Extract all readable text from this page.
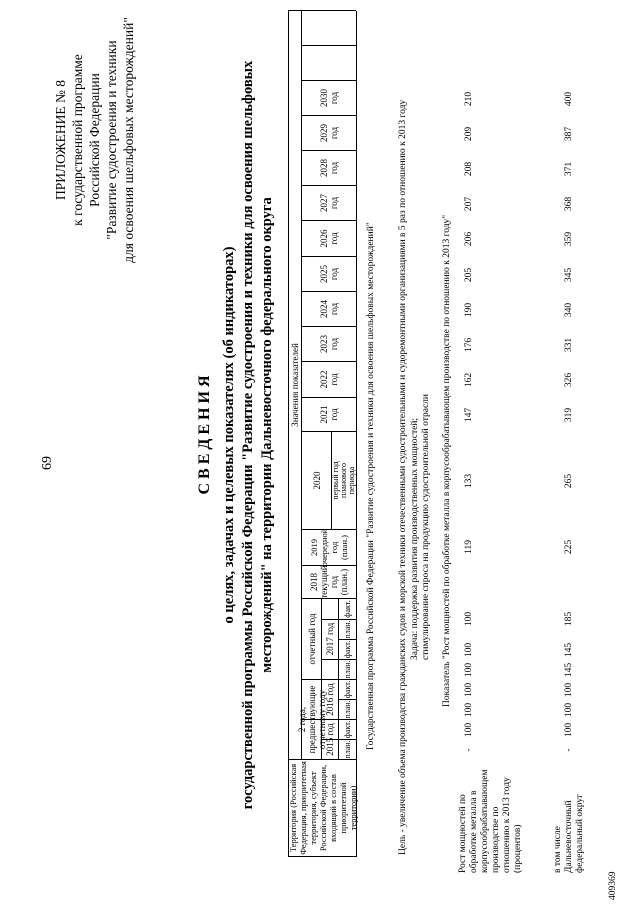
69
ПРИЛОЖЕНИЕ № 8 к государственной программе Российской Федерации "Развитие судостроения и техники для освоения шельфовых месторождений"
С В Е Д Е Н И Я о целях, задачах и целевых показателях (об индикаторах) государственной программы Российской Федерации "Развитие судостроения и техники для освоения шельфовых месторождений" на территории Дальневосточного федерального округа
Территория (Российская Федерация, приоритетная территория, субъект Российской Федерации, входящий в состав приоритетной территории)
Значения показателей
2 года, предшествующие отчетному году
2015 год
2016 год
отчетный год 2017 год
план.
факт.
план.
факт.
план.
факт.
план.
факт.
2018 текущий год (план.)
2019 очередной год (план.)
2020	первый год планового периода
2021 год
2022 год
2023 год
2024 год
2025 год
2026 год
2027 год
2028 год
2029 год
2030 год
Государственная программа Российской Федерации "Развитие судостроения и техники для освоения шельфовых месторождений" Цель - увеличение объема производства гражданских судов и морской техники отечественными судостроительными и судоремонтными организациями в 5 раз по отношению к 2013 году Задача: поддержка развития производственных мощностей; стимулирование спроса на продукцию судостроительной отрасли Показатель "Рост мощностей по обработке металла в корпусообрабатывающем производстве по отношению к 2013 году"
Рост мощностей по обработке металла в корпусообрабатывающем производстве по отношению к 2013 году (процентов)
-
100
100
100
100
100
100
119
133
147
162
176
190
205
206
207
208
209
210
в том числе Дальневосточный федеральный округ
-
100
100
100
145
145
185
225
265
319
326
331
340
345
359
368
371
387
400
409369
